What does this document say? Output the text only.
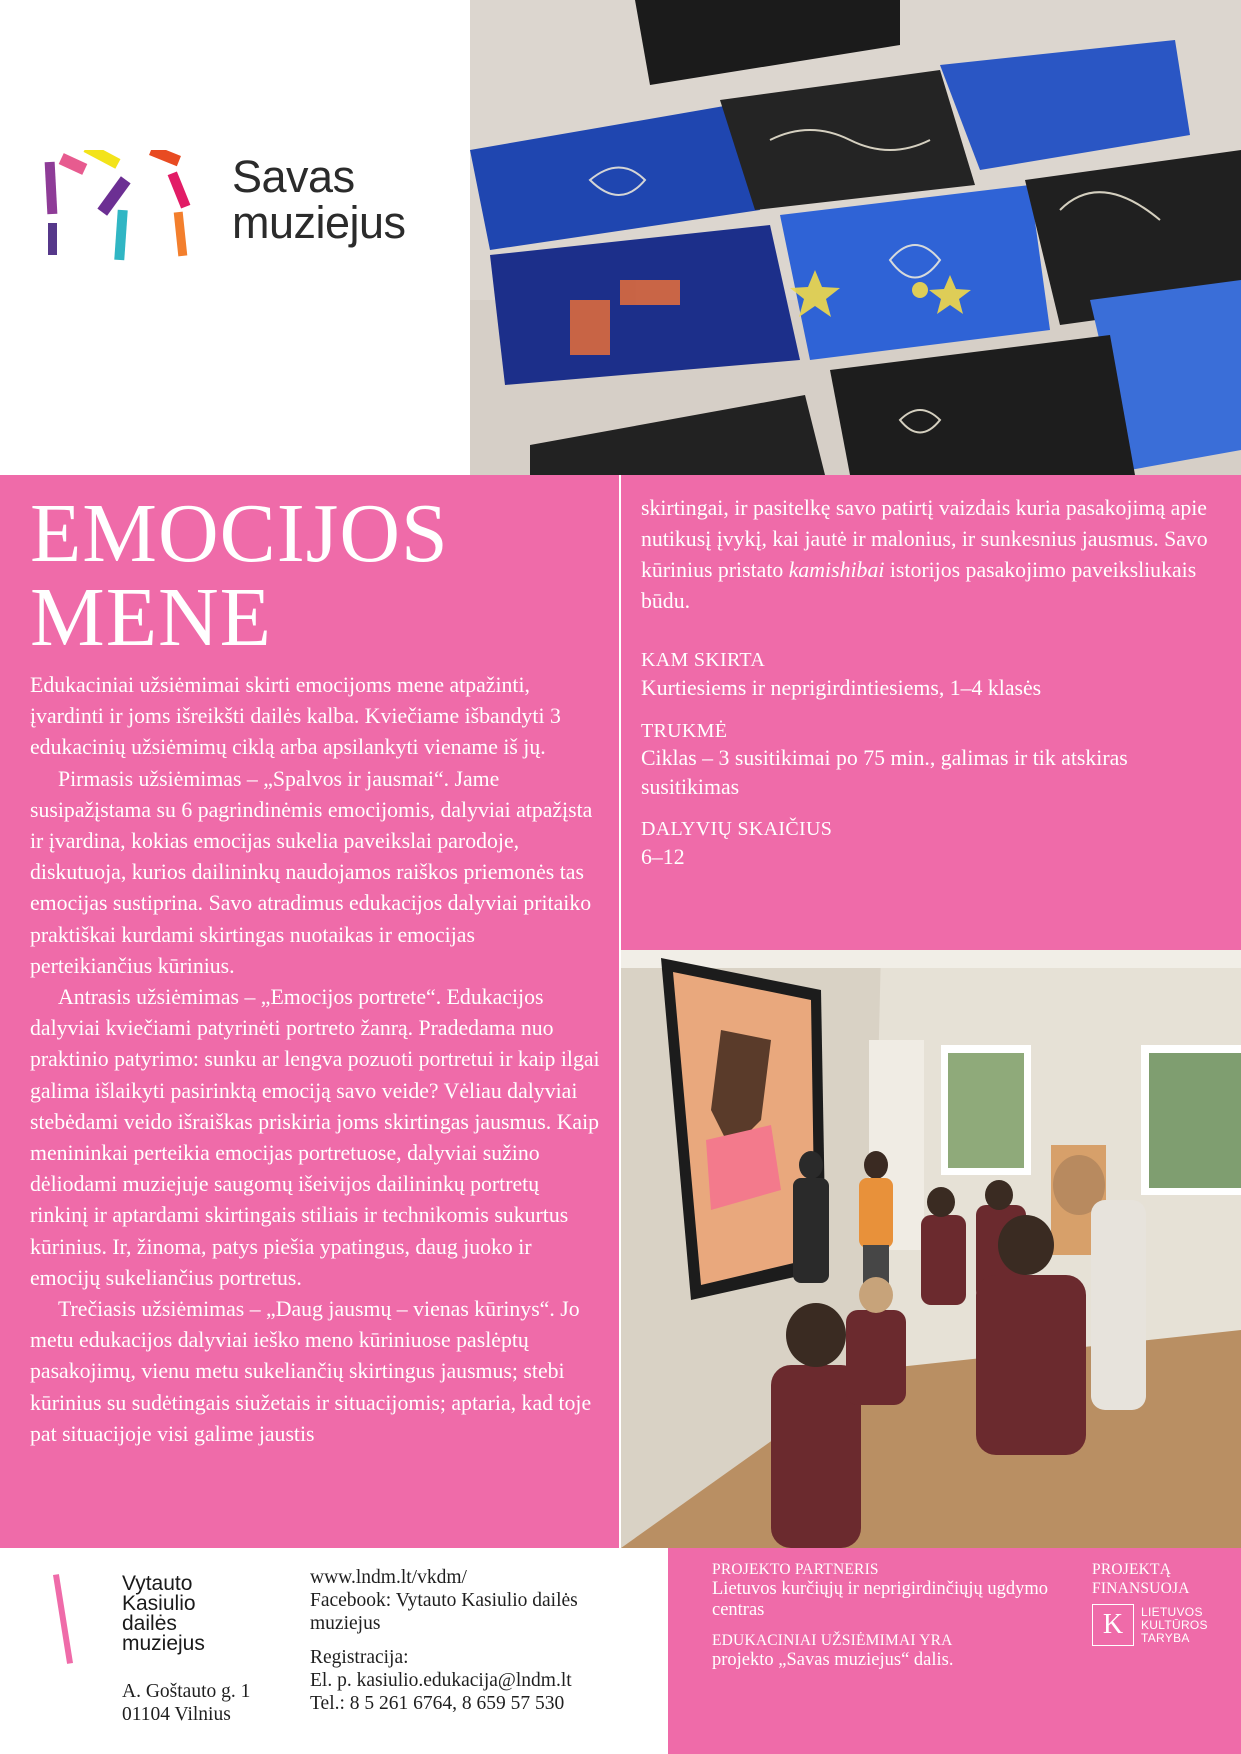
Savas
muziejus
EMOCIJOS
MENE

Edukaciniai užsiėmimai skirti emocijoms mene atpažinti, įvardinti ir joms išreikšti dailės kalba. Kviečiame išbandyti 3 edukacinių užsiėmimų ciklą arba apsilankyti viename iš jų.

Pirmasis užsiėmimas – „Spalvos ir jausmai“. Jame susipažįstama su 6 pagrindinėmis emocijomis, dalyviai atpažįsta ir įvardina, kokias emocijas sukelia paveikslai parodoje, diskutuoja, kurios dailininkų naudojamos raiškos priemonės tas emocijas sustiprina. Savo atradimus edukacijos dalyviai pritaiko praktiškai kurdami skirtingas nuotaikas ir emocijas perteikiančius kūrinius.

Antrasis užsiėmimas – „Emocijos portrete“. Edukacijos dalyviai kviečiami patyrinėti portreto žanrą. Pradedama nuo praktinio patyrimo: sunku ar lengva pozuoti portretui ir kaip ilgai galima išlaikyti pasirinktą emociją savo veide? Vėliau dalyviai stebėdami veido išraiškas priskiria joms skirtingas jausmus. Kaip menininkai perteikia emocijas portretuose, dalyviai sužino dėliodami muziejuje saugomų išeivijos dailininkų portretų rinkinį ir aptardami skirtingais stiliais ir technikomis sukurtus kūrinius. Ir, žinoma, patys piešia ypatingus, daug juoko ir emocijų sukeliančius portretus.

Trečiasis užsiėmimas – „Daug jausmų – vienas kūrinys“. Jo metu edukacijos dalyviai ieško meno kūriniuose paslėptų pasakojimų, vienu metu sukeliančių skirtingus jausmus; stebi kūrinius su sudėtingais siužetais ir situacijomis; aptaria, kad toje pat situacijoje visi galime jaustis

skirtingai, ir pasitelkę savo patirtį vaizdais kuria pasakojimą apie nutikusį įvykį, kai jautė ir malonius, ir sunkesnius jausmus. Savo kūrinius pristato kamishibai istorijos pasakojimo paveiksliukais būdu.

KAM SKIRTA
Kurtiesiems ir neprigirdintiesiems, 1–4 klasės
TRUKMĖ
Ciklas – 3 susitikimai po 75 min., galimas ir tik atskiras susitikimas
DALYVIŲ SKAIČIUS
6–12
Vytauto
Kasiulio
dailės
muziejus
A. Goštauto g. 1
01104 Vilnius
www.lndm.lt/vkdm/
Facebook: Vytauto Kasiulio dailės muziejus
Registracija:
El. p. kasiulio.edukacija@lndm.lt
Tel.: 8 5 261 6764, 8 659 57 530
PROJEKTO PARTNERIS
Lietuvos kurčiųjų ir neprigirdinčiųjų ugdymo centras
EDUKACINIAI UŽSIĖMIMAI YRA
projekto „Savas muziejus“ dalis.
PROJEKTĄ FINANSUOJA
K	LIETUVOS
KULTŪROS
TARYBA
